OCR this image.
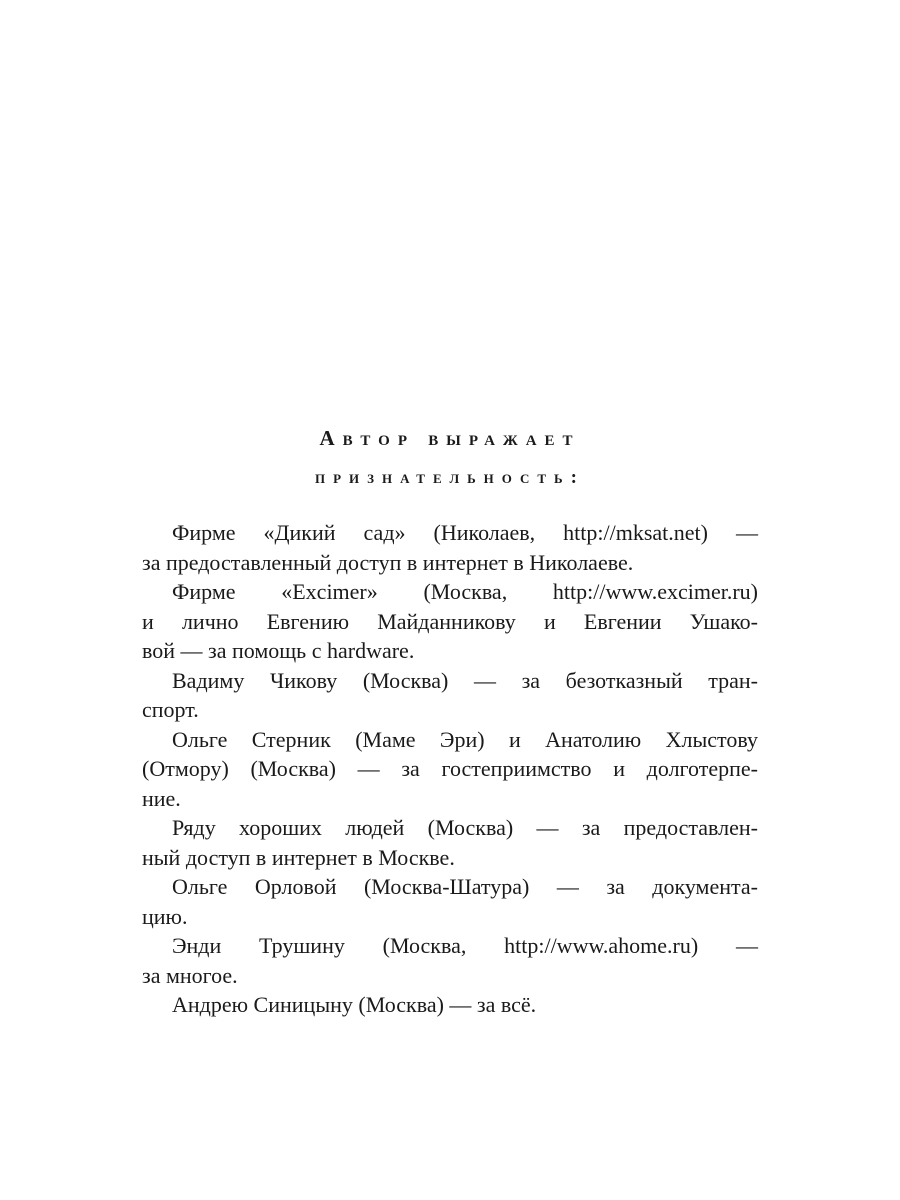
Автор выражает
признательность:

Фирме «Дикий сад» (Николаев, http://mksat.net) —
за предоставленный доступ в интернет в Николаеве.

Фирме «Excimer» (Москва, http://www.excimer.ru)
и лично Евгению Майданникову и Евгении Ушако-
вой — за помощь с hardware.

Вадиму Чикову (Москва) — за безотказный тран-
спорт.

Ольге Стерник (Маме Эри) и Анатолию Хлыстову
(Отмору) (Москва) — за гостеприимство и долготерпе-
ние.

Ряду хороших людей (Москва) — за предоставлен-
ный доступ в интернет в Москве.

Ольге Орловой (Москва-Шатура) — за документа-
цию.

Энди Трушину (Москва, http://www.ahome.ru) —
за многое.

Андрею Синицыну (Москва) — за всё.
